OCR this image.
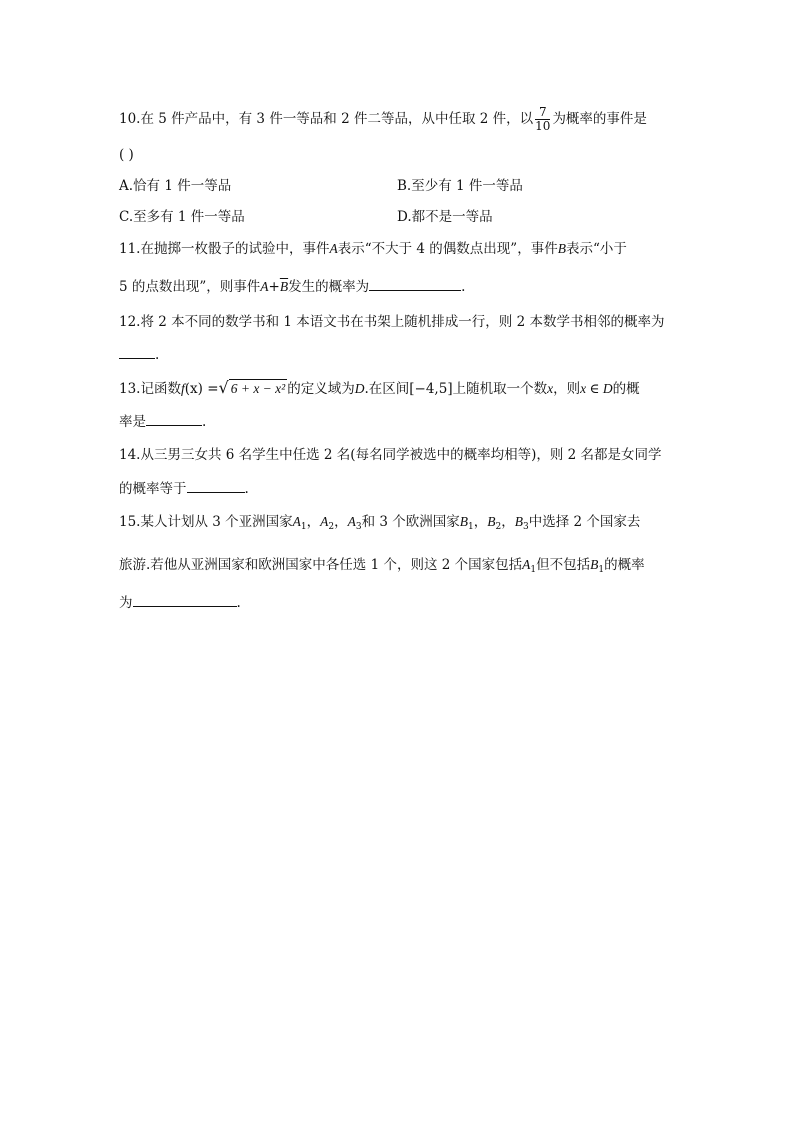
10.在 5 件产品中，有 3 件一等品和 2 件二等品，从中任取 2 件，以 $\frac{7}{10}$ 为概率的事件是
( )
A.恰有 1 件一等品	B.至少有 1 件一等品
C.至多有 1 件一等品	D.都不是一等品
11.在抛掷一枚骰子的试验中，事件A表示“不大于 4 的偶数点出现”，事件B表示“小于
5 的点数出现”，则事件$A+\overline{B}$发生的概率为	.
12.将 2 本不同的数学书和 1 本语文书在书架上随机排成一行，则 2 本数学书相邻的概率为
.
13.记函数f(x) =√ 6 + x − x² 的定义域为D.在区间[−4,5]上随机取一个数x，则x ∈ D的概
率是	.
14.从三男三女共 6 名学生中任选 2 名(每名同学被选中的概率均相等)，则 2 名都是女同学
的概率等于	.
15.某人计划从 3 个亚洲国家$A_1$，$A_2$，$A_3$和 3 个欧洲国家$B_1$，$B_2$，$B_3$中选择 2 个国家去
旅游.若他从亚洲国家和欧洲国家中各任选 1 个，则这 2 个国家包括$A_1$但不包括$B_1$的概率
为	.
